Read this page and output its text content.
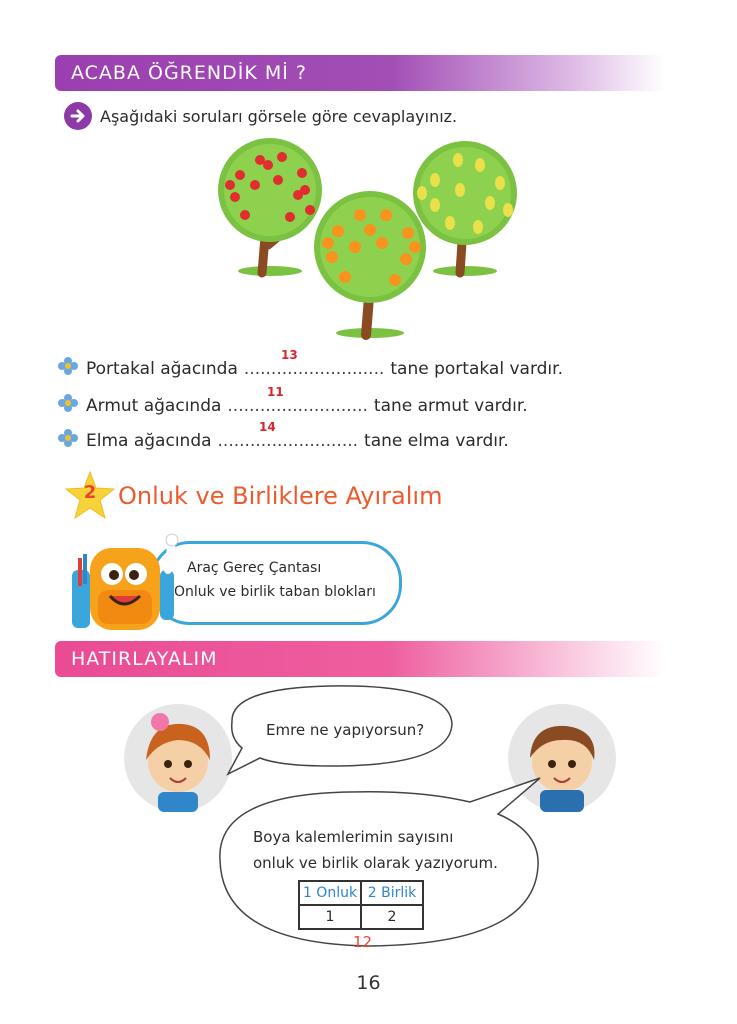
ACABA ÖĞRENDİK Mİ ?
Aşağıdaki soruları görsele göre cevaplayınız.
Portakal ağacında .......................... tane portakal vardır.
13
Armut ağacında .......................... tane armut vardır.
11
Elma ağacında .......................... tane elma vardır.
14
2 Onluk ve Birliklere Ayıralım
Araç Gereç Çantası
Onluk ve birlik taban blokları
HATIRLAYALIM
Emre ne yapıyorsun?
Boya kalemlerimin sayısını
onluk ve birlik olarak yazıyorum.
1 Onluk	2 Birlik
1	2
12
16
